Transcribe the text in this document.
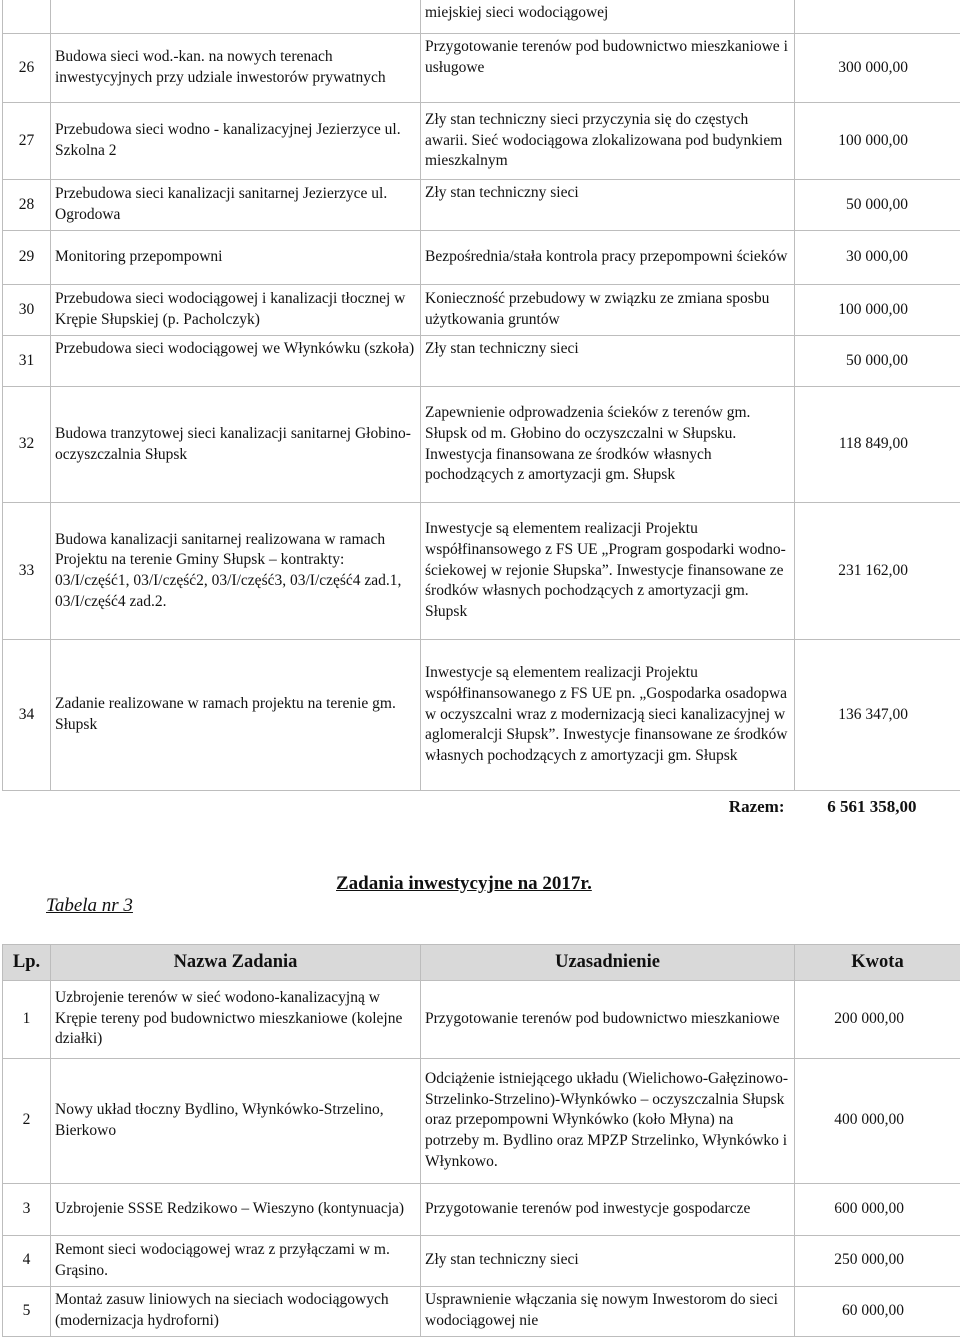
		miejskiej sieci wodociągowej	
26	Budowa sieci wod.-kan. na nowych terenach inwestycyjnych przy udziale inwestorów prywatnych	Przygotowanie terenów pod budownictwo mieszkaniowe i usługowe	300 000,00
27	Przebudowa sieci wodno - kanalizacyjnej Jezierzyce ul. Szkolna 2	Zły stan techniczny sieci przyczynia się do częstych awarii. Sieć wodociągowa zlokalizowana pod budynkiem mieszkalnym	100 000,00
28	Przebudowa sieci kanalizacji sanitarnej Jezierzyce ul. Ogrodowa	Zły stan techniczny sieci	50 000,00
29	Monitoring przepompowni	Bezpośrednia/stała kontrola pracy przepompowni ścieków	30 000,00
30	Przebudowa sieci wodociągowej i kanalizacji tłocznej w Krępie Słupskiej (p. Pacholczyk)	Konieczność przebudowy w związku ze zmiana sposbu użytkowania gruntów	100 000,00
31	Przebudowa sieci wodociągowej we Włynkówku (szkoła)	Zły stan techniczny sieci	50 000,00
32	Budowa tranzytowej sieci kanalizacji sanitarnej Głobino-oczyszczalnia Słupsk	Zapewnienie odprowadzenia ścieków z terenów gm. Słupsk od m. Głobino do oczyszczalni w Słupsku. Inwestycja finansowana ze środków własnych pochodzących z amortyzacji gm. Słupsk	118 849,00
33	Budowa kanalizacji sanitarnej realizowana w ramach Projektu na terenie Gminy Słupsk – kontrakty: 03/I/część1, 03/I/część2, 03/I/część3, 03/I/część4 zad.1, 03/I/część4 zad.2.	Inwestycje są elementem realizacji Projektu współfinansowego z FS UE „Program gospodarki wodno-ściekowej w rejonie Słupska”. Inwestycje finansowane ze środków własnych pochodzących z amortyzacji gm. Słupsk	231 162,00
34	Zadanie realizowane w ramach projektu na terenie gm. Słupsk	Inwestycje są elementem realizacji Projektu współfinansowanego z FS UE pn. „Gospodarka osadopwa w oczyszcalni wraz z modernizacją sieci kanalizacyjnej w aglomeralcji Słupsk”. Inwestycje finansowane ze środków własnych pochodzących z amortyzacji gm. Słupsk	136 347,00
Razem:			6 561 358,00
Tabela nr 3
Zadania inwestycyjne na 2017r.
Lp.	Nazwa Zadania	Uzasadnienie	Kwota
1	Uzbrojenie terenów w sieć wodono-kanalizacyjną w Krępie tereny pod budownictwo mieszkaniowe (kolejne działki)	Przygotowanie terenów pod budownictwo mieszkaniowe	200 000,00
2	Nowy układ tłoczny Bydlino, Włynkówko-Strzelino, Bierkowo	Odciążenie istniejącego układu (Wielichowo-Gałęzinowo-Strzelinko-Strzelino)-Włynkówko – oczyszczalnia Słupsk oraz przepompowni Włynkówko (koło Młyna) na potrzeby m. Bydlino oraz MPZP Strzelinko, Włynkówko i Włynkowo.	400 000,00
3	Uzbrojenie SSSE Redzikowo – Wieszyno (kontynuacja)	Przygotowanie terenów pod inwestycje gospodarcze	600 000,00
4	Remont sieci wodociągowej wraz z przyłączami w m. Grąsino.	Zły stan techniczny sieci	250 000,00
5	Montaż zasuw liniowych na sieciach wodociągowych (modernizacja hydroforni)	Usprawnienie włączania się nowym Inwestorom do sieci wodociągowej nie	60 000,00
